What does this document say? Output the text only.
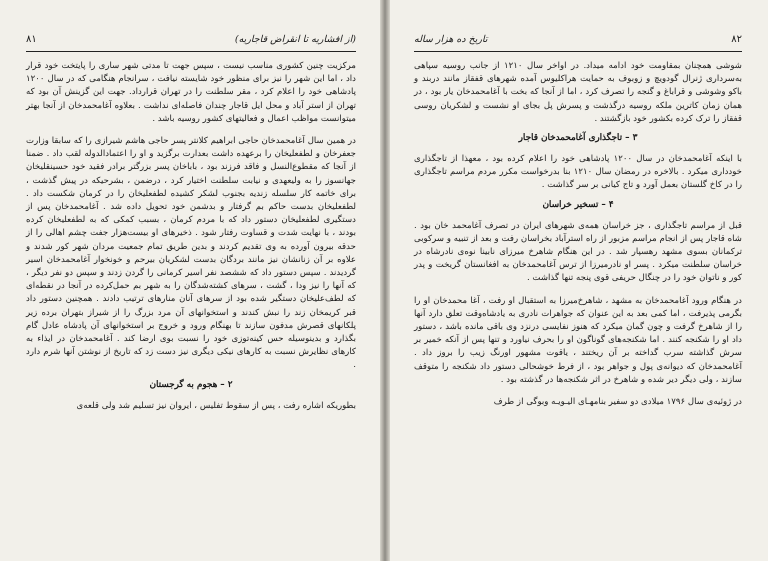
(از افشاریه تا انقراض قاجاریه)
۸۱

مرکزیت چنین کشوری مناسب نیست ، سپس جهت تا مدتی شهر ساری را پایتخت خود قرار داد ، اما این شهر را نیز برای منظور خود شایسته نیافت ، سرانجام هنگامی که در سال ۱۲۰۰ پادشاهی خود را اعلام کرد ، مقر سلطنت را در تهران قرارداد. جهت این گزینش آن بود که تهران از استر آباد و محل ایل قاجار چندان فاصله‌ای نداشت . بعلاوه آغامحمدخان از آنجا بهتر میتوانست مواظب اعمال و فعالیتهای کشور روسیه باشد .

در همین سال آغامحمدخان حاجی ابراهیم کلانتر پسر حاجی هاشم شیرازی را که سابقا وزارت جعفرخان و لطفعلیخان را برعهده داشت بعدارت برگزید و او را اعتمادالدوله لقب داد . ضمنا از آنجا که مقطوع‌النسل و فاقد فرزند بود ، باباخان پسر بزرگتر برادر فقید خود حسینقلیخان جهانسوز را به ولیعهدی و نیابت سلطنت اختیار کرد ، درضمن ، بشرحیکه در پیش گذشت ، برای خاتمه کار سلسله زندیه بجنوب لشکر کشیده لطفعلیخان را در کرمان شکست داد . لطفعلیخان بدست حاکم بم گرفتار و بدشمن خود تحویل داده شد . آغامحمدخان پس از دستگیری لطفعلیخان دستور داد که با مردم کرمان ، بسبب کمکی که به لطفعلیخان کرده بودند ، با نهایت شدت و قساوت رفتار شود . ذخیرهای او بیست‌هزار جفت چشم اهالی را از حدقه بیرون آورده به وی تقدیم کردند و بدین طریق تمام جمعیت مردان شهر کور شدند و علاوه بر آن زنانشان نیز مانند بردگان بدست لشکریان بیرحم و خونخوار آغامحمدخان اسیر گردیدند . سپس دستور داد که ششصد نفر اسیر کرمانی را گردن زدند و سپس دو نفر دیگر ، که آنها را نیز ودا ، گشت ، سرهای کشته‌شدگان را به شهر بم حمل‌کرده در آنجا در نقطه‌ای که لطف‌علیخان دستگیر شده بود از سرهای آنان منارهای ترتیب دادند . همچنین دستور داد قبر کریمخان زند را نبش کندند و استخوانهای آن مرد بزرگ را از شیراز بتهران برده زیر پلکانهای قصرش مدفون سازند تا بهنگام ورود و خروج بر استخوانهای آن پادشاه عادل گام بگذارد و بدینوسیله حس کینه‌توزی خود را نسبت بوی ارضا کند . آغامحمدخان در ایذاء به کارهای نظایرش نسبت به کارهای نیکی دیگری نیز دست زد که تاریخ از نوشتن آنها شرم دارد .

۲ – هجوم به گرجستان

بطوریکه اشاره رفت ، پس از سقوط تفلیس ، ایروان نیز تسلیم شد ولی قلعه‌ی

۸۲
تاریخ ده هزار ساله

شوشی همچنان بمقاومت خود ادامه میداد. در اواخر سال ۱۲۱۰ از جانب روسیه سپاهی به‌سرداری ژنرال گودویچ و زوبوف به حمایت هراکلیوس آمده شهرهای قفقاز مانند دربند و باکو وشوشی و قراباغ و گنجه را تصرف کرد ، اما از آنجا که بخت با آغامحمدخان یار بود ، در همان زمان کاترین ملکه روسیه درگذشت و پسرش پل بجای او نشست و لشکریان روسی قفقاز را ترک کرده بکشور خود بازگشتند .

۳ – تاجگذاری آغامحمدخان قاجار

با اینکه آغامحمدخان در سال ۱۲۰۰ پادشاهی خود را اعلام کرده بود ، معهذا از تاجگذاری خودداری میکرد . بالاخره در رمضان سال ۱۲۱۰ بنا بدرخواست مکرر مردم مراسم تاجگذاری را در کاخ گلستان بعمل آورد و تاج کیانی بر سر گذاشت .

۴ – تسخیر خراسان

قبل از مراسم تاجگذاری ، جز خراسان همه‌ی شهرهای ایران در تصرف آغامحمد خان بود . شاه قاجار پس از انجام مراسم مزبور از راه استرآباد بخراسان رفت و بعد از تنبیه و سرکوبی ترکمانان بسوی مشهد رهسپار شد . در این هنگام شاهرخ میرزای نابینا نوه‌ی نادرشاه در خراسان سلطنت میکرد . پسر او نادرمیرزا از ترس آغامحمدخان به افغانستان گریخت و پدر کور و ناتوان خود را در چنگال حریفی قوی پنجه تنها گذاشت .

در هنگام ورود آغامحمدخان به مشهد ، شاهرخ‌میرزا به استقبال او رفت ، آغا محمدخان او را بگرمی پذیرفت ، اما کمی بعد به این عنوان که جواهرات نادری به یادشاه‌وقت تعلق دارد آنها را از شاهرخ گرفت و چون گمان میکرد که هنوز نفایسی درنزد وی باقی مانده باشد ، دستور داد او را شکنجه کنند . اما شکنجه‌های گوناگون او را بحرف نیاورد و تنها پس از آنکه خمیر بر سرش گذاشته سرب گداخته بر آن ریختند ، یاقوت مشهور اورنگ زیب را بروز داد . آغامحمدخان که دیوانه‌ی پول و جواهر بود ، از فرط خوشحالی دستور داد شکنجه را متوقف سازند ، ولی دیگر دیر شده و شاهرخ در اثر شکنجه‌ها در گذشته بود .

در ژوئیه‌ی سال ۱۷۹۶ میلادی دو سفیر بنامهـای الیـویـه وبوگی از طرف
